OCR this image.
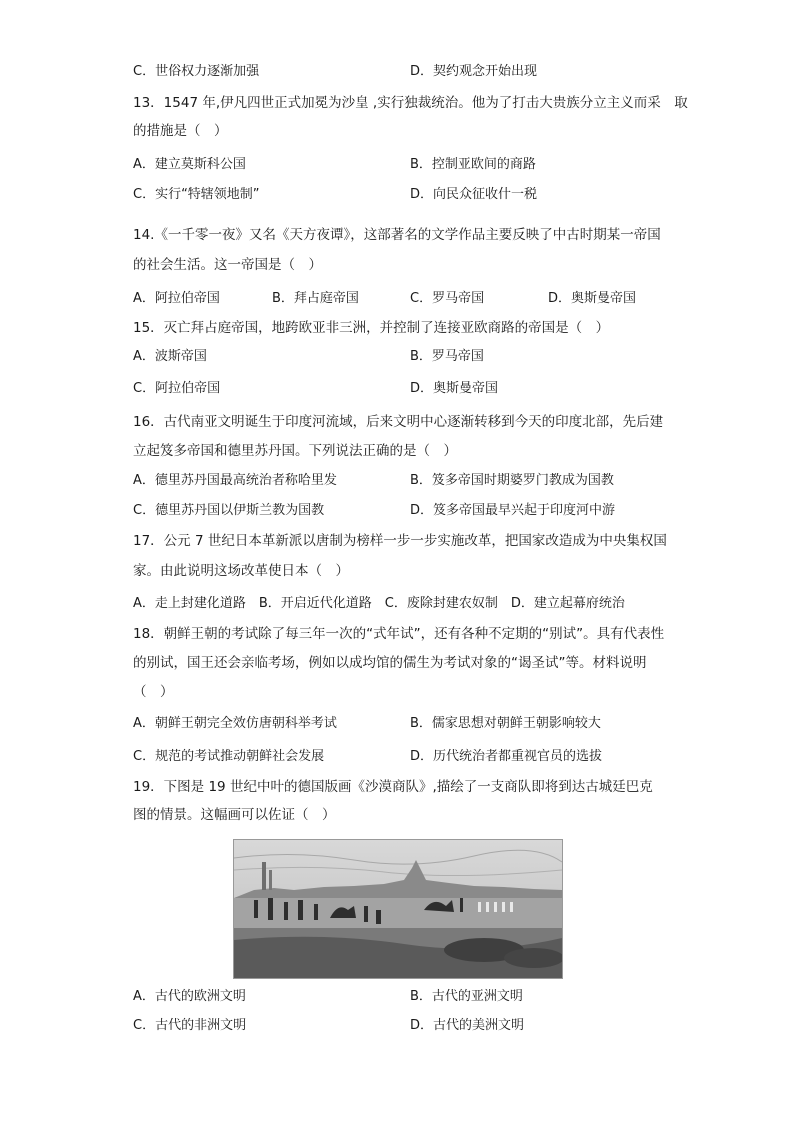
C．世俗权力逐渐加强	D．契约观念开始出现
13．1547 年,伊凡四世正式加冕为沙皇 ,实行独裁统治。他为了打击大贵族分立主义而采　取
的措施是（　）
A．建立莫斯科公国	B．控制亚欧间的商路
C．实行“特辖领地制”	D．向民众征收什一税
14.《一千零一夜》又名《天方夜谭》，这部著名的文学作品主要反映了中古时期某一帝国
的社会生活。这一帝国是（　）
A．阿拉伯帝国	B．拜占庭帝国	C．罗马帝国	D．奥斯曼帝国
15．灭亡拜占庭帝国，地跨欧亚非三洲，并控制了连接亚欧商路的帝国是（　）
A．波斯帝国	B．罗马帝国
C．阿拉伯帝国	D．奥斯曼帝国
16．古代南亚文明诞生于印度河流域，后来文明中心逐渐转移到今天的印度北部，先后建
立起笈多帝国和德里苏丹国。下列说法正确的是（　）
A．德里苏丹国最高统治者称哈里发	B．笈多帝国时期婆罗门教成为国教
C．德里苏丹国以伊斯兰教为国教	D．笈多帝国最早兴起于印度河中游
17．公元 7 世纪日本革新派以唐制为榜样一步一步实施改革，把国家改造成为中央集权国
家。由此说明这场改革使日本（　）
A．走上封建化道路　B．开启近代化道路　C．废除封建农奴制　D．建立起幕府统治
18．朝鲜王朝的考试除了每三年一次的“式年试”，还有各种不定期的“别试”。具有代表性
的别试，国王还会亲临考场，例如以成均馆的儒生为考试对象的“谒圣试”等。材料说明
（　）
A．朝鲜王朝完全效仿唐朝科举考试	B．儒家思想对朝鲜王朝影响较大
C．规范的考试推动朝鲜社会发展	D．历代统治者都重视官员的选拔
19．下图是 19 世纪中叶的德国版画《沙漠商队》,描绘了一支商队即将到达古城廷巴克
图的情景。这幅画可以佐证（　）
A．古代的欧洲文明	B．古代的亚洲文明
C．古代的非洲文明	D．古代的美洲文明
